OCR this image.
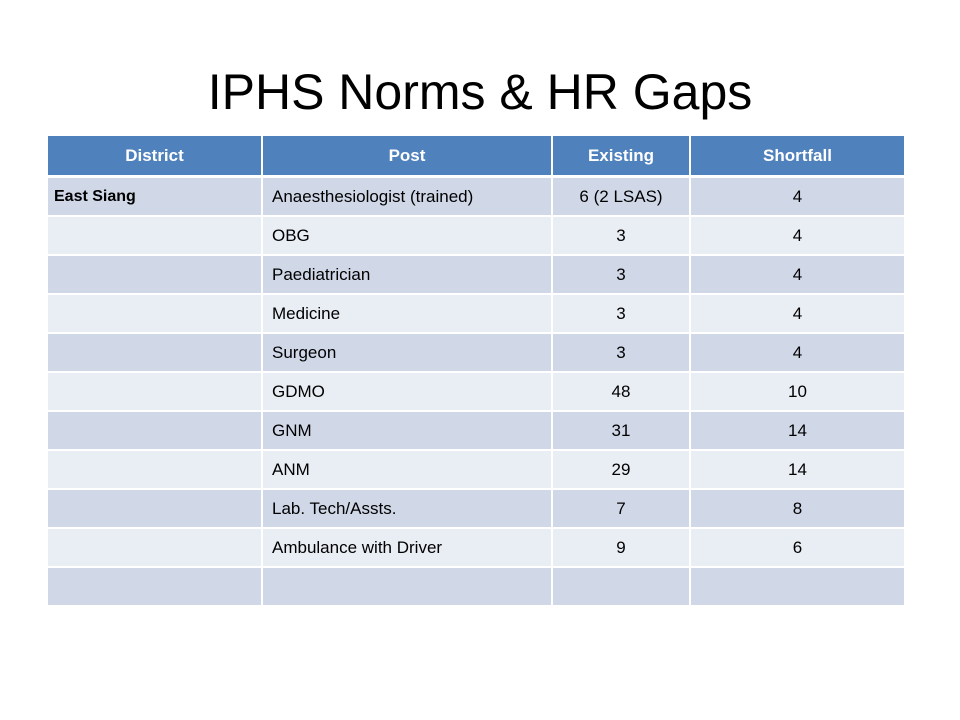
IPHS Norms & HR Gaps
District	Post	Existing	Shortfall
East Siang	Anaesthesiologist (trained)	6 (2 LSAS)	4
	OBG	3	4
	Paediatrician	3	4
	Medicine	3	4
	Surgeon	3	4
	GDMO	48	10
	GNM	31	14
	ANM	29	14
	Lab. Tech/Assts.	7	8
	Ambulance with Driver	9	6
